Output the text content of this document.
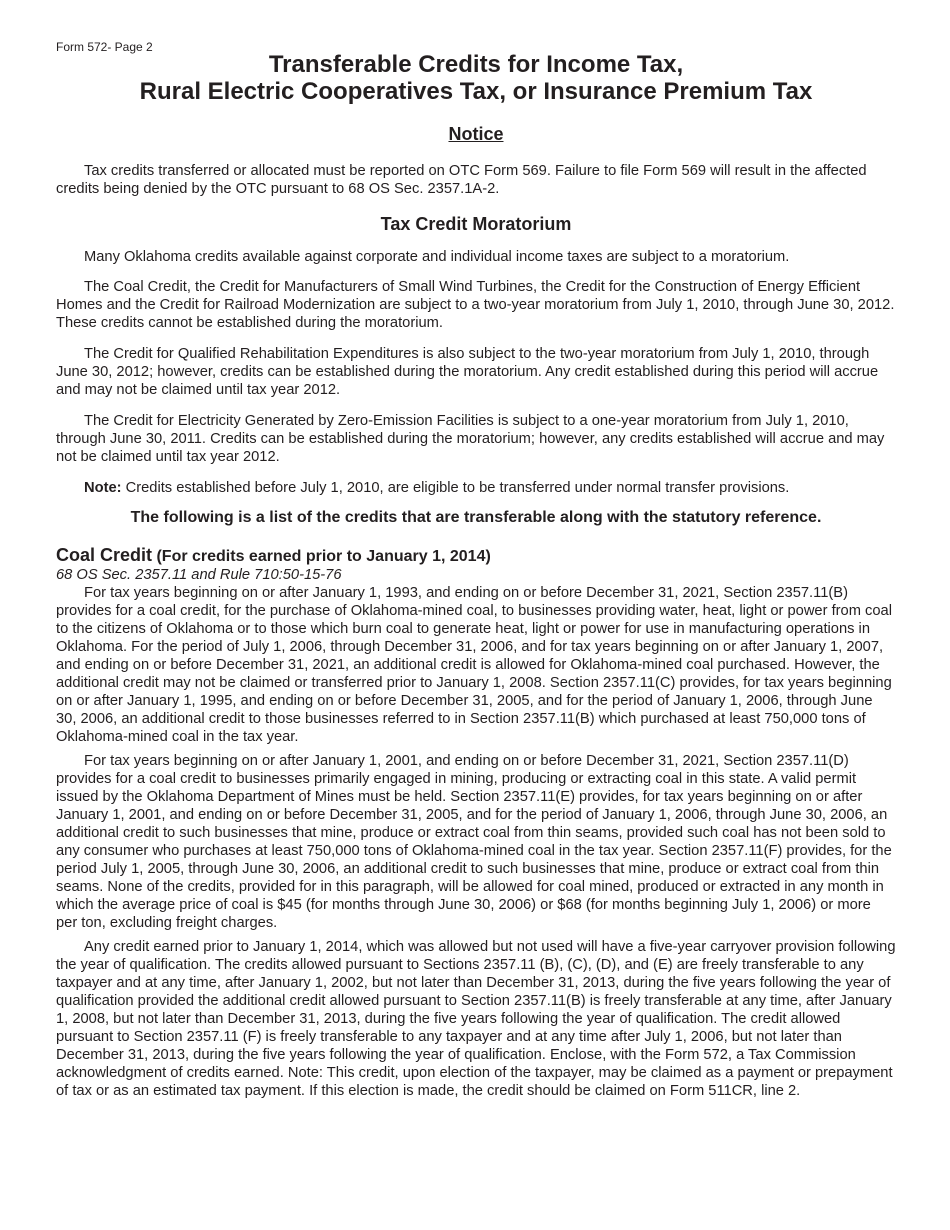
Form 572- Page 2
Transferable Credits for Income Tax,
Rural Electric Cooperatives Tax, or Insurance Premium Tax
Notice

Tax credits transferred or allocated must be reported on OTC Form 569. Failure to file Form 569 will result in the affected credits being denied by the OTC pursuant to 68 OS Sec. 2357.1A-2.

Tax Credit Moratorium

Many Oklahoma credits available against corporate and individual income taxes are subject to a moratorium.

The Coal Credit, the Credit for Manufacturers of Small Wind Turbines, the Credit for the Construction of Energy Efficient Homes and the Credit for Railroad Modernization are subject to a two-year moratorium from July 1, 2010, through June 30, 2012. These credits cannot be established during the moratorium.

The Credit for Qualified Rehabilitation Expenditures is also subject to the two-year moratorium from July 1, 2010, through June 30, 2012; however, credits can be established during the moratorium. Any credit established during this period will accrue and may not be claimed until tax year 2012.

The Credit for Electricity Generated by Zero-Emission Facilities is subject to a one-year moratorium from July 1, 2010, through June 30, 2011. Credits can be established during the moratorium; however, any credits established will accrue and may not be claimed until tax year 2012.

Note: Credits established before July 1, 2010, are eligible to be transferred under normal transfer provisions.

The following is a list of the credits that are transferable along with the statutory reference.
Coal Credit (For credits earned prior to January 1, 2014)

68 OS Sec. 2357.11 and Rule 710:50-15-76

For tax years beginning on or after January 1, 1993, and ending on or before December 31, 2021, Section 2357.11(B) provides for a coal credit, for the purchase of Oklahoma-mined coal, to businesses providing water, heat, light or power from coal to the citizens of Oklahoma or to those which burn coal to generate heat, light or power for use in manufacturing operations in Oklahoma. For the period of July 1, 2006, through December 31, 2006, and for tax years beginning on or after January 1, 2007, and ending on or before December 31, 2021, an additional credit is allowed for Oklahoma-mined coal purchased. However, the additional credit may not be claimed or transferred prior to January 1, 2008. Section 2357.11(C) provides, for tax years beginning on or after January 1, 1995, and ending on or before December 31, 2005, and for the period of January 1, 2006, through June 30, 2006, an additional credit to those businesses referred to in Section 2357.11(B) which purchased at least 750,000 tons of Oklahoma-mined coal in the tax year.

For tax years beginning on or after January 1, 2001, and ending on or before December 31, 2021, Section 2357.11(D) provides for a coal credit to businesses primarily engaged in mining, producing or extracting coal in this state. A valid permit issued by the Oklahoma Department of Mines must be held. Section 2357.11(E) provides, for tax years beginning on or after January 1, 2001, and ending on or before December 31, 2005, and for the period of January 1, 2006, through June 30, 2006, an additional credit to such businesses that mine, produce or extract coal from thin seams, provided such coal has not been sold to any consumer who purchases at least 750,000 tons of Oklahoma-mined coal in the tax year. Section 2357.11(F) provides, for the period July 1, 2005, through June 30, 2006, an additional credit to such businesses that mine, produce or extract coal from thin seams. None of the credits, provided for in this paragraph, will be allowed for coal mined, produced or extracted in any month in which the average price of coal is $45 (for months through June 30, 2006) or $68 (for months beginning July 1, 2006) or more per ton, excluding freight charges.

Any credit earned prior to January 1, 2014, which was allowed but not used will have a five-year carryover provision following the year of qualification. The credits allowed pursuant to Sections 2357.11 (B), (C), (D), and (E) are freely transferable to any taxpayer and at any time, after January 1, 2002, but not later than December 31, 2013, during the five years following the year of qualification provided the additional credit allowed pursuant to Section 2357.11(B) is freely transferable at any time, after January 1, 2008, but not later than December 31, 2013, during the five years following the year of qualification. The credit allowed pursuant to Section 2357.11 (F) is freely transferable to any taxpayer and at any time after July 1, 2006, but not later than December 31, 2013, during the five years following the year of qualification. Enclose, with the Form 572, a Tax Commission acknowledgment of credits earned. Note: This credit, upon election of the taxpayer, may be claimed as a payment or prepayment of tax or as an estimated tax payment. If this election is made, the credit should be claimed on Form 511CR, line 2.
